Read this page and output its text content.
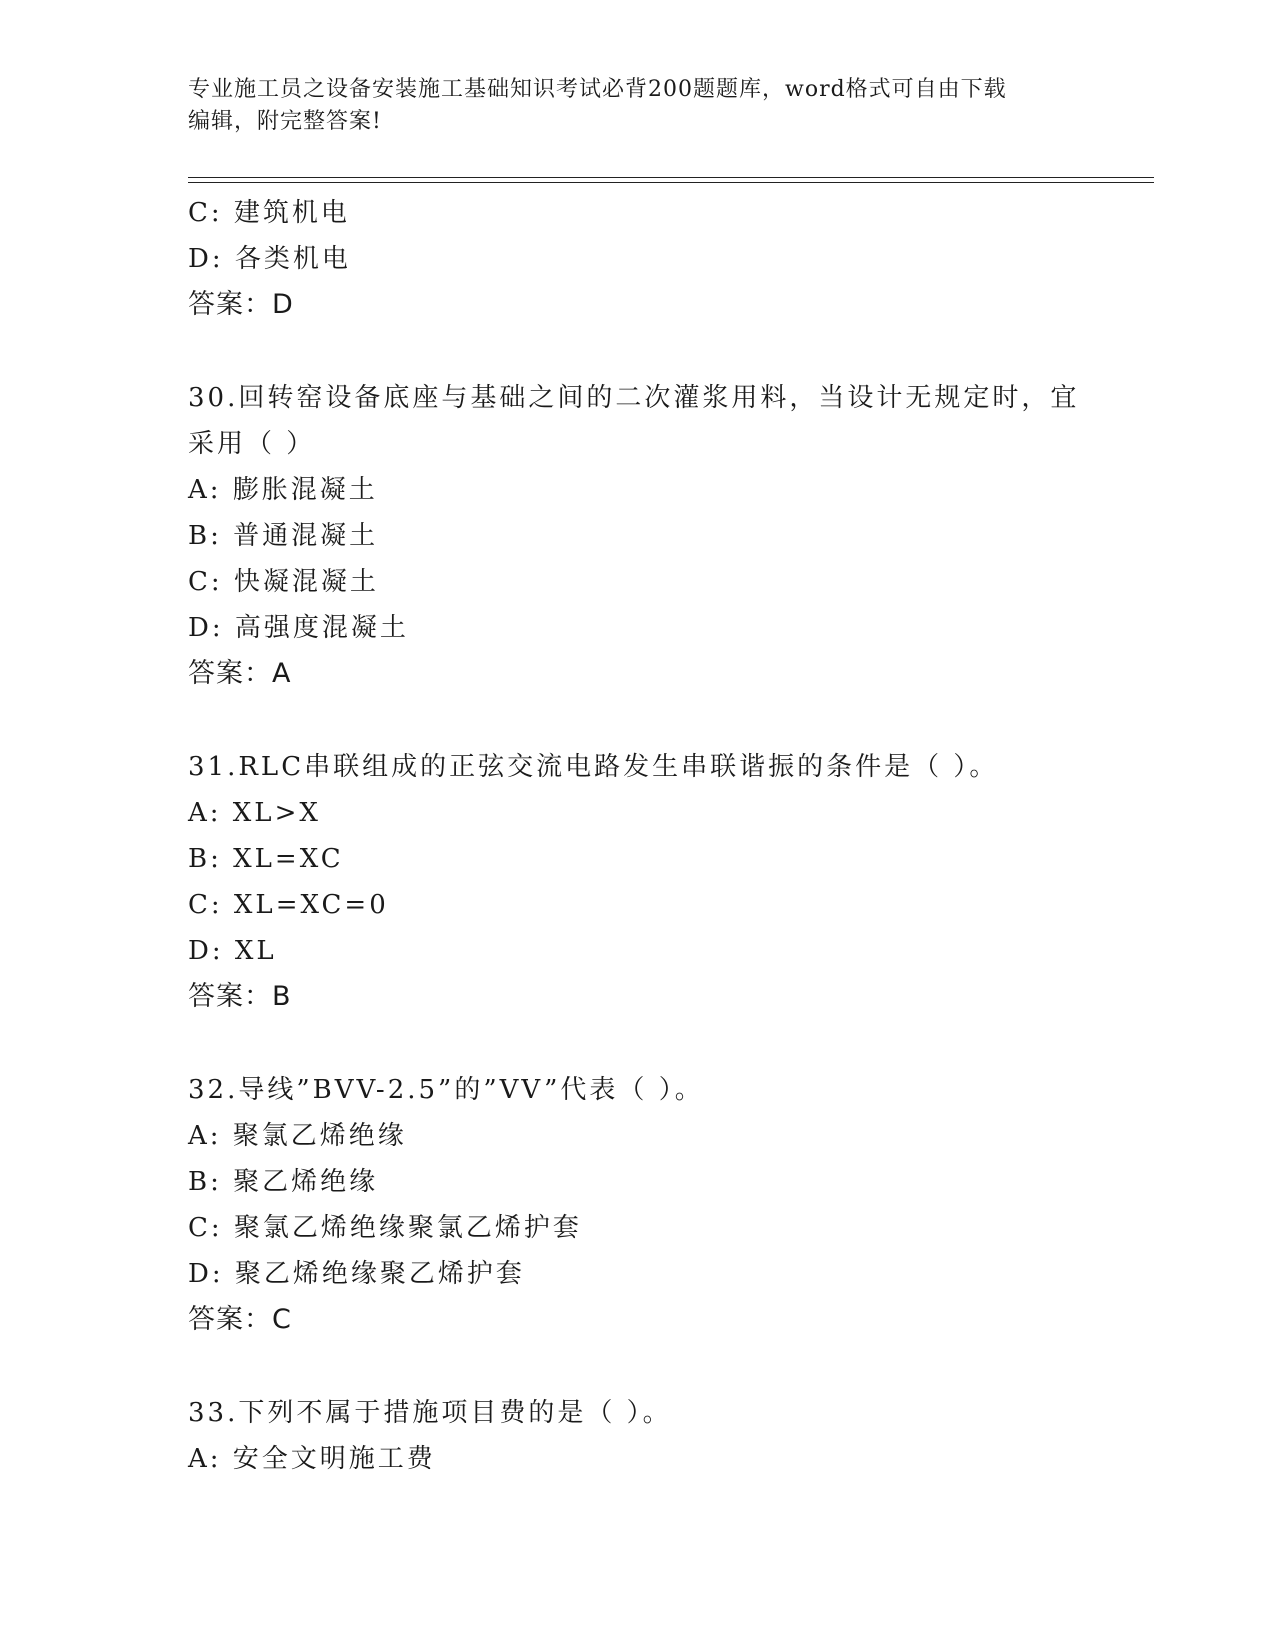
专业施工员之设备安装施工基础知识考试必背200题题库，word格式可自由下载
编辑，附完整答案!
C: 建筑机电
D: 各类机电
答案：D
30.回转窑设备底座与基础之间的二次灌浆用料，当设计无规定时，宜
采用（ ）
A: 膨胀混凝土
B: 普通混凝土
C: 快凝混凝土
D: 高强度混凝土
答案：A
31.RLC串联组成的正弦交流电路发生串联谐振的条件是（ ）。
A: XL>X
B: XL=XC
C: XL=XC=0
D: XL
答案：B
32.导线”BVV-2.5”的”VV”代表（ ）。
A: 聚氯乙烯绝缘
B: 聚乙烯绝缘
C: 聚氯乙烯绝缘聚氯乙烯护套
D: 聚乙烯绝缘聚乙烯护套
答案：C
33.下列不属于措施项目费的是（ ）。
A: 安全文明施工费
